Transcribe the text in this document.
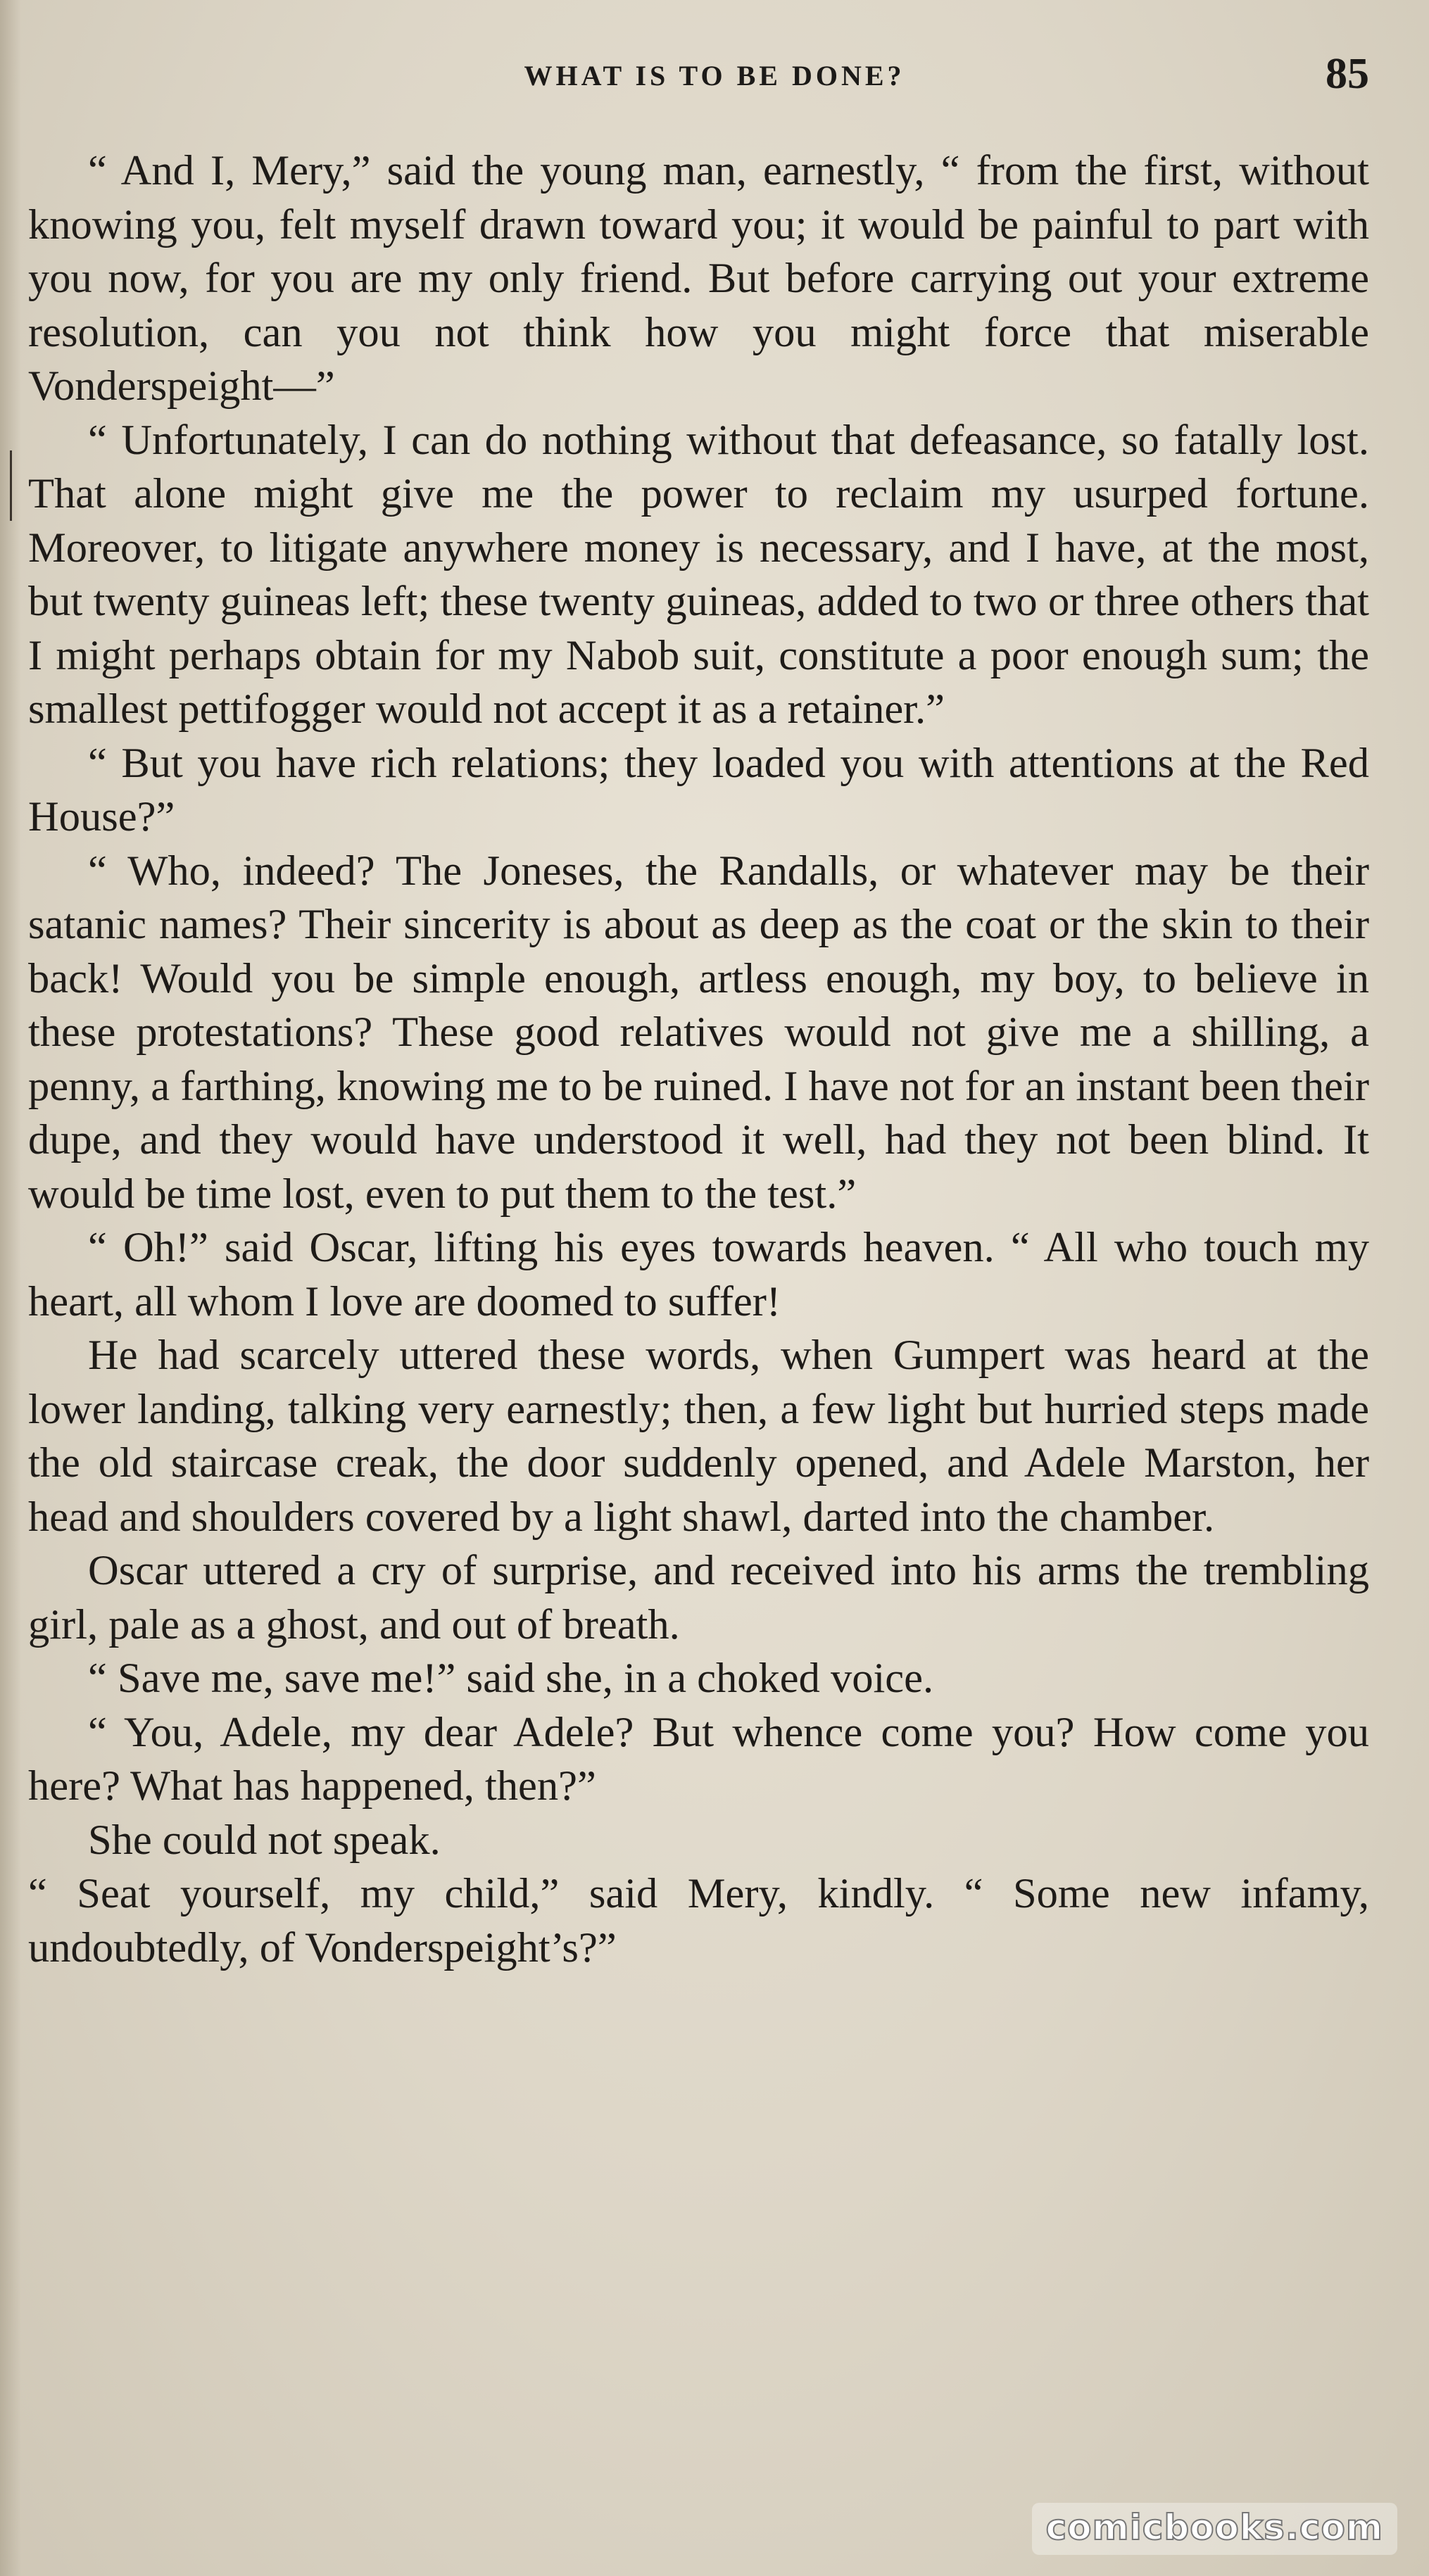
WHAT IS TO BE DONE?	85

“ And I, Mery,” said the young man, earnestly, “ from the first, without knowing you, felt myself drawn toward you; it would be painful to part with you now, for you are my only friend. But before carrying out your extreme resolution, can you not think how you might force that miserable Vonderspeight—”

“ Unfortunately, I can do nothing without that defeasance, so fatally lost. That alone might give me the power to reclaim my usurped fortune. Moreover, to litigate anywhere money is necessary, and I have, at the most, but twenty guineas left; these twenty guineas, added to two or three others that I might perhaps obtain for my Nabob suit, constitute a poor enough sum; the smallest pettifogger would not accept it as a retainer.”

“ But you have rich relations; they loaded you with attentions at the Red House?”

“ Who, indeed? The Joneses, the Randalls, or whatever may be their satanic names? Their sincerity is about as deep as the coat or the skin to their back! Would you be simple enough, artless enough, my boy, to believe in these protestations? These good relatives would not give me a shilling, a penny, a farthing, knowing me to be ruined. I have not for an instant been their dupe, and they would have understood it well, had they not been blind. It would be time lost, even to put them to the test.”

“ Oh!” said Oscar, lifting his eyes towards heaven. “ All who touch my heart, all whom I love are doomed to suffer!

He had scarcely uttered these words, when Gumpert was heard at the lower landing, talking very earnestly; then, a few light but hurried steps made the old staircase creak, the door suddenly opened, and Adele Marston, her head and shoulders covered by a light shawl, darted into the chamber.

Oscar uttered a cry of surprise, and received into his arms the trembling girl, pale as a ghost, and out of breath.

“ Save me, save me!” said she, in a choked voice.

“ You, Adele, my dear Adele? But whence come you? How come you here? What has happened, then?”

She could not speak.

“ Seat yourself, my child,” said Mery, kindly. “ Some new infamy, undoubtedly, of Vonderspeight’s?”

comicbooks.com
